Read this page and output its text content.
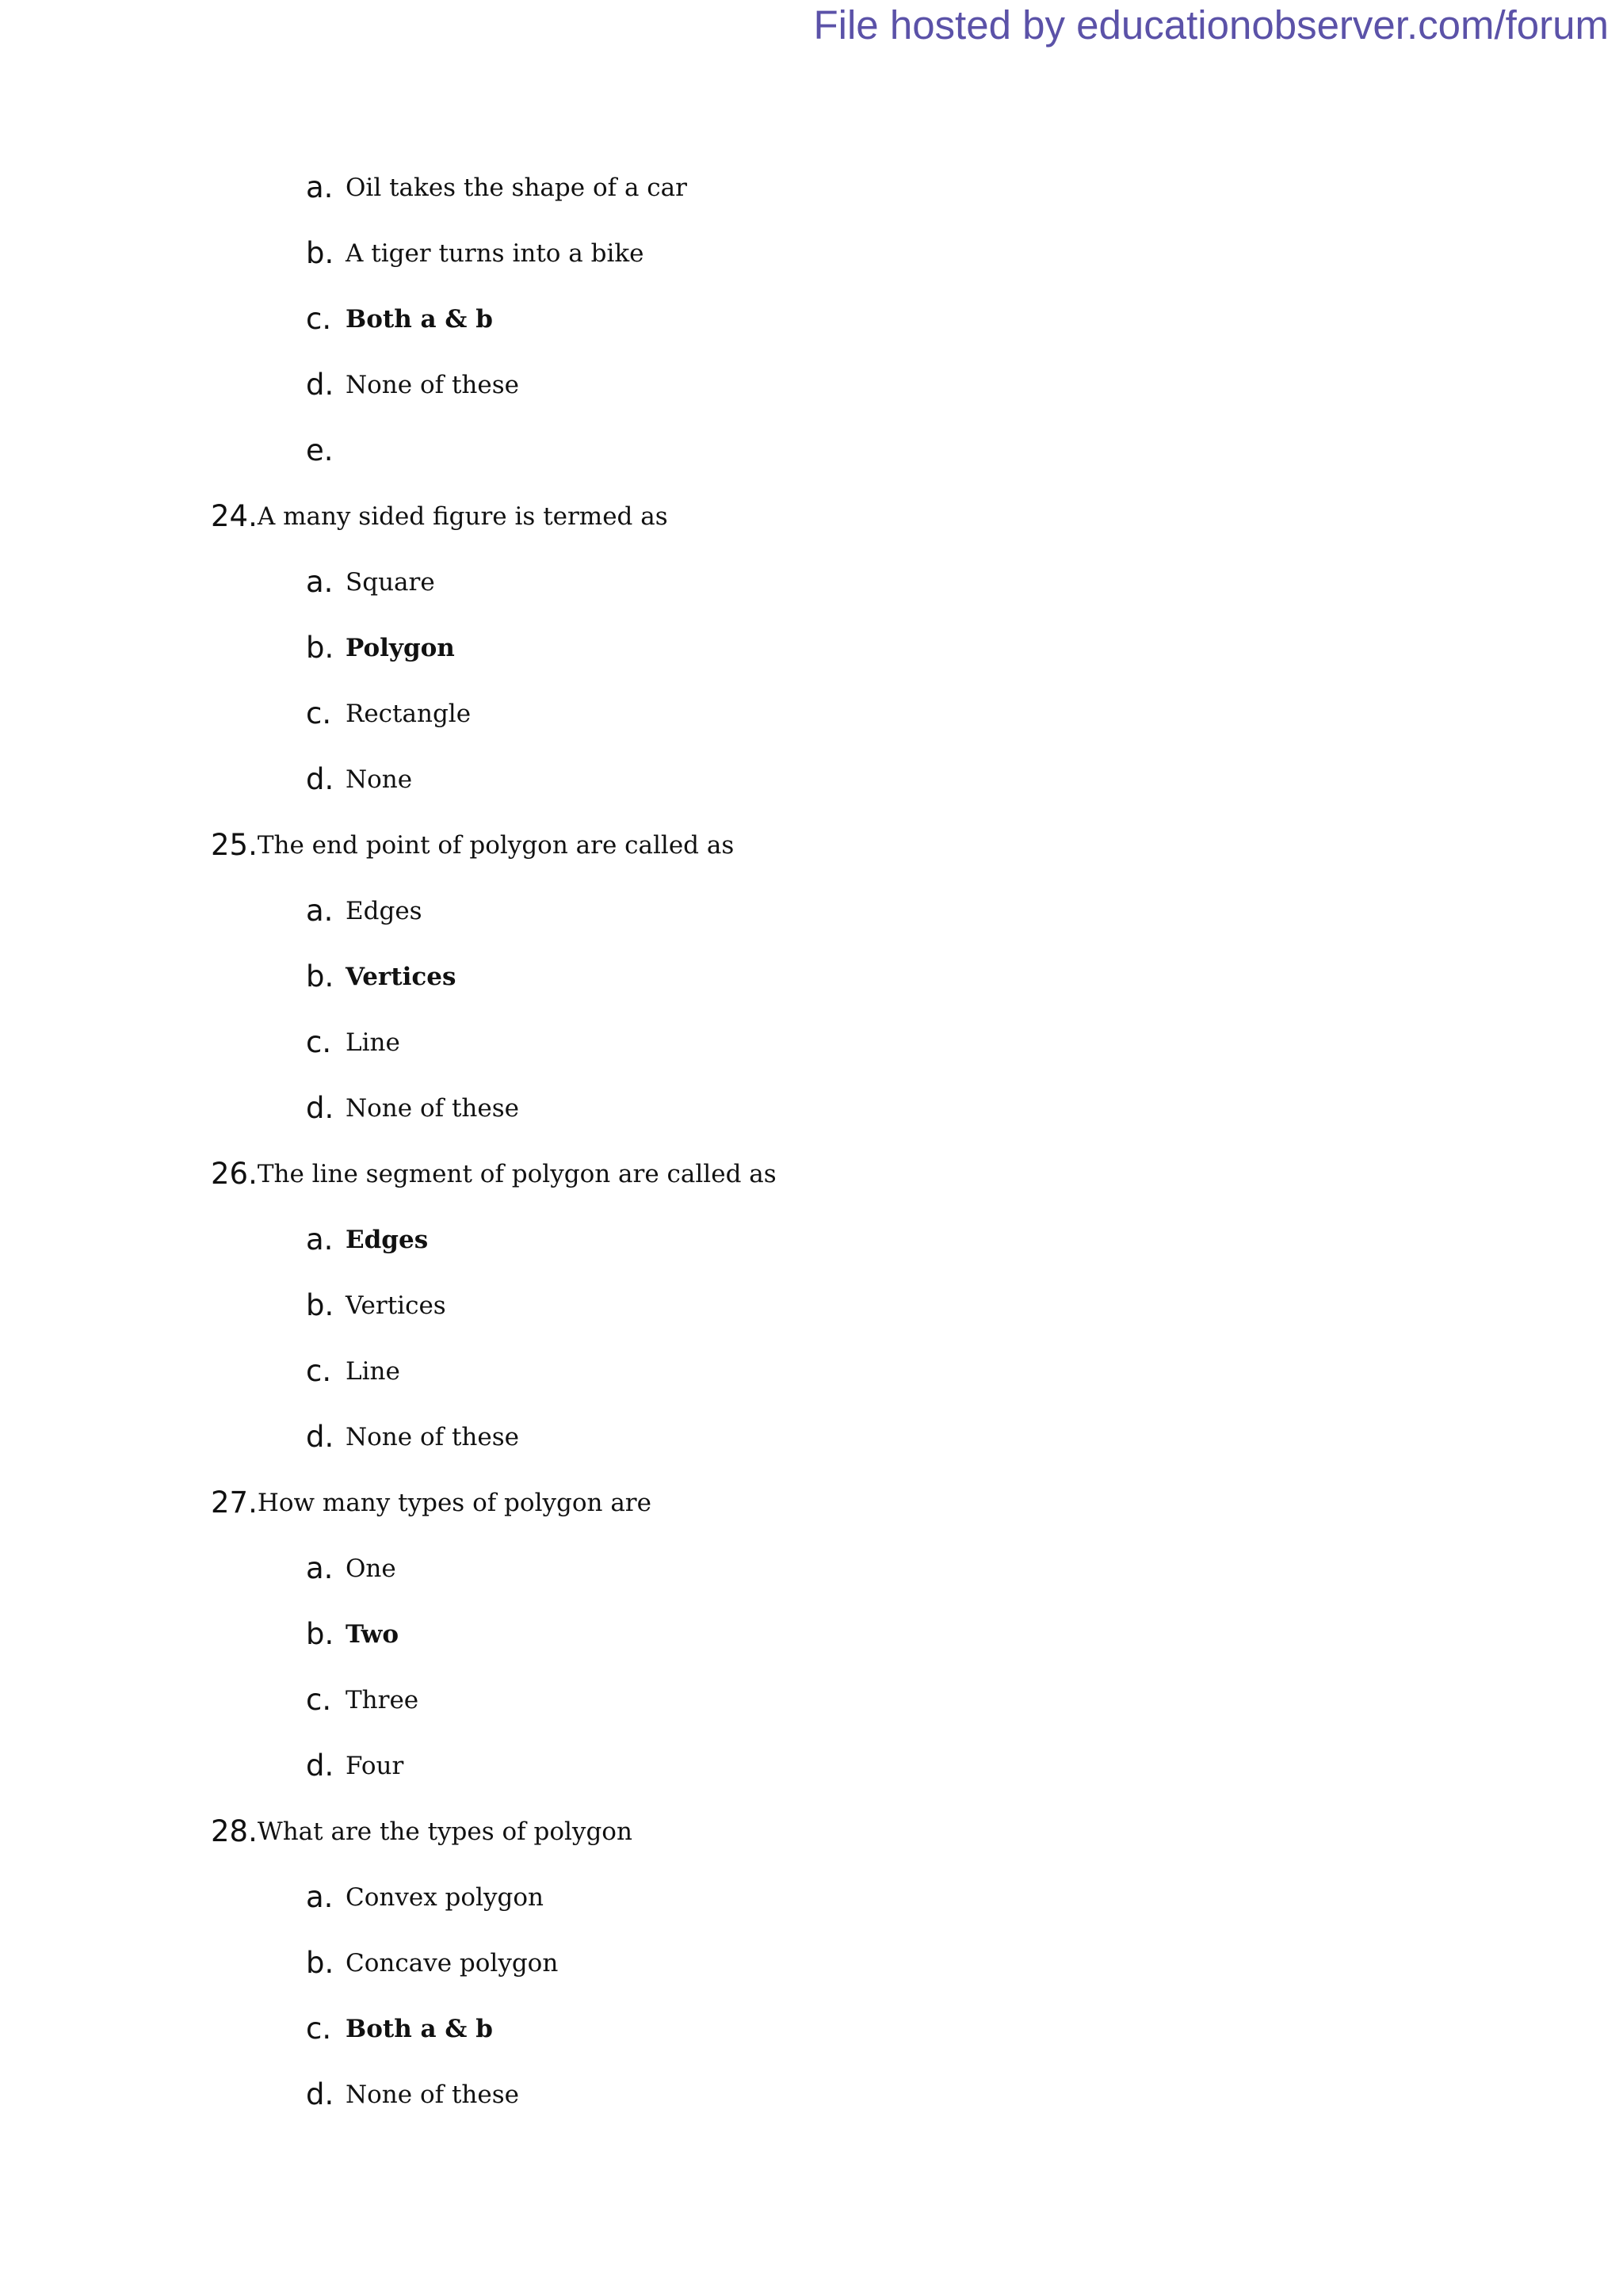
File hosted by educationobserver.com/forum
a. Oil takes the shape of a car
b. A tiger turns into a bike
c. Both a & b
d. None of these
e.
24. A many sided figure is termed as
a. Square
b. Polygon
c. Rectangle
d. None
25. The end point of polygon are called as
a. Edges
b. Vertices
c. Line
d. None of these
26. The line segment of polygon are called as
a. Edges
b. Vertices
c. Line
d. None of these
27. How many types of polygon are
a. One
b. Two
c. Three
d. Four
28. What are the types of polygon
a. Convex polygon
b. Concave polygon
c. Both a & b
d. None of these
